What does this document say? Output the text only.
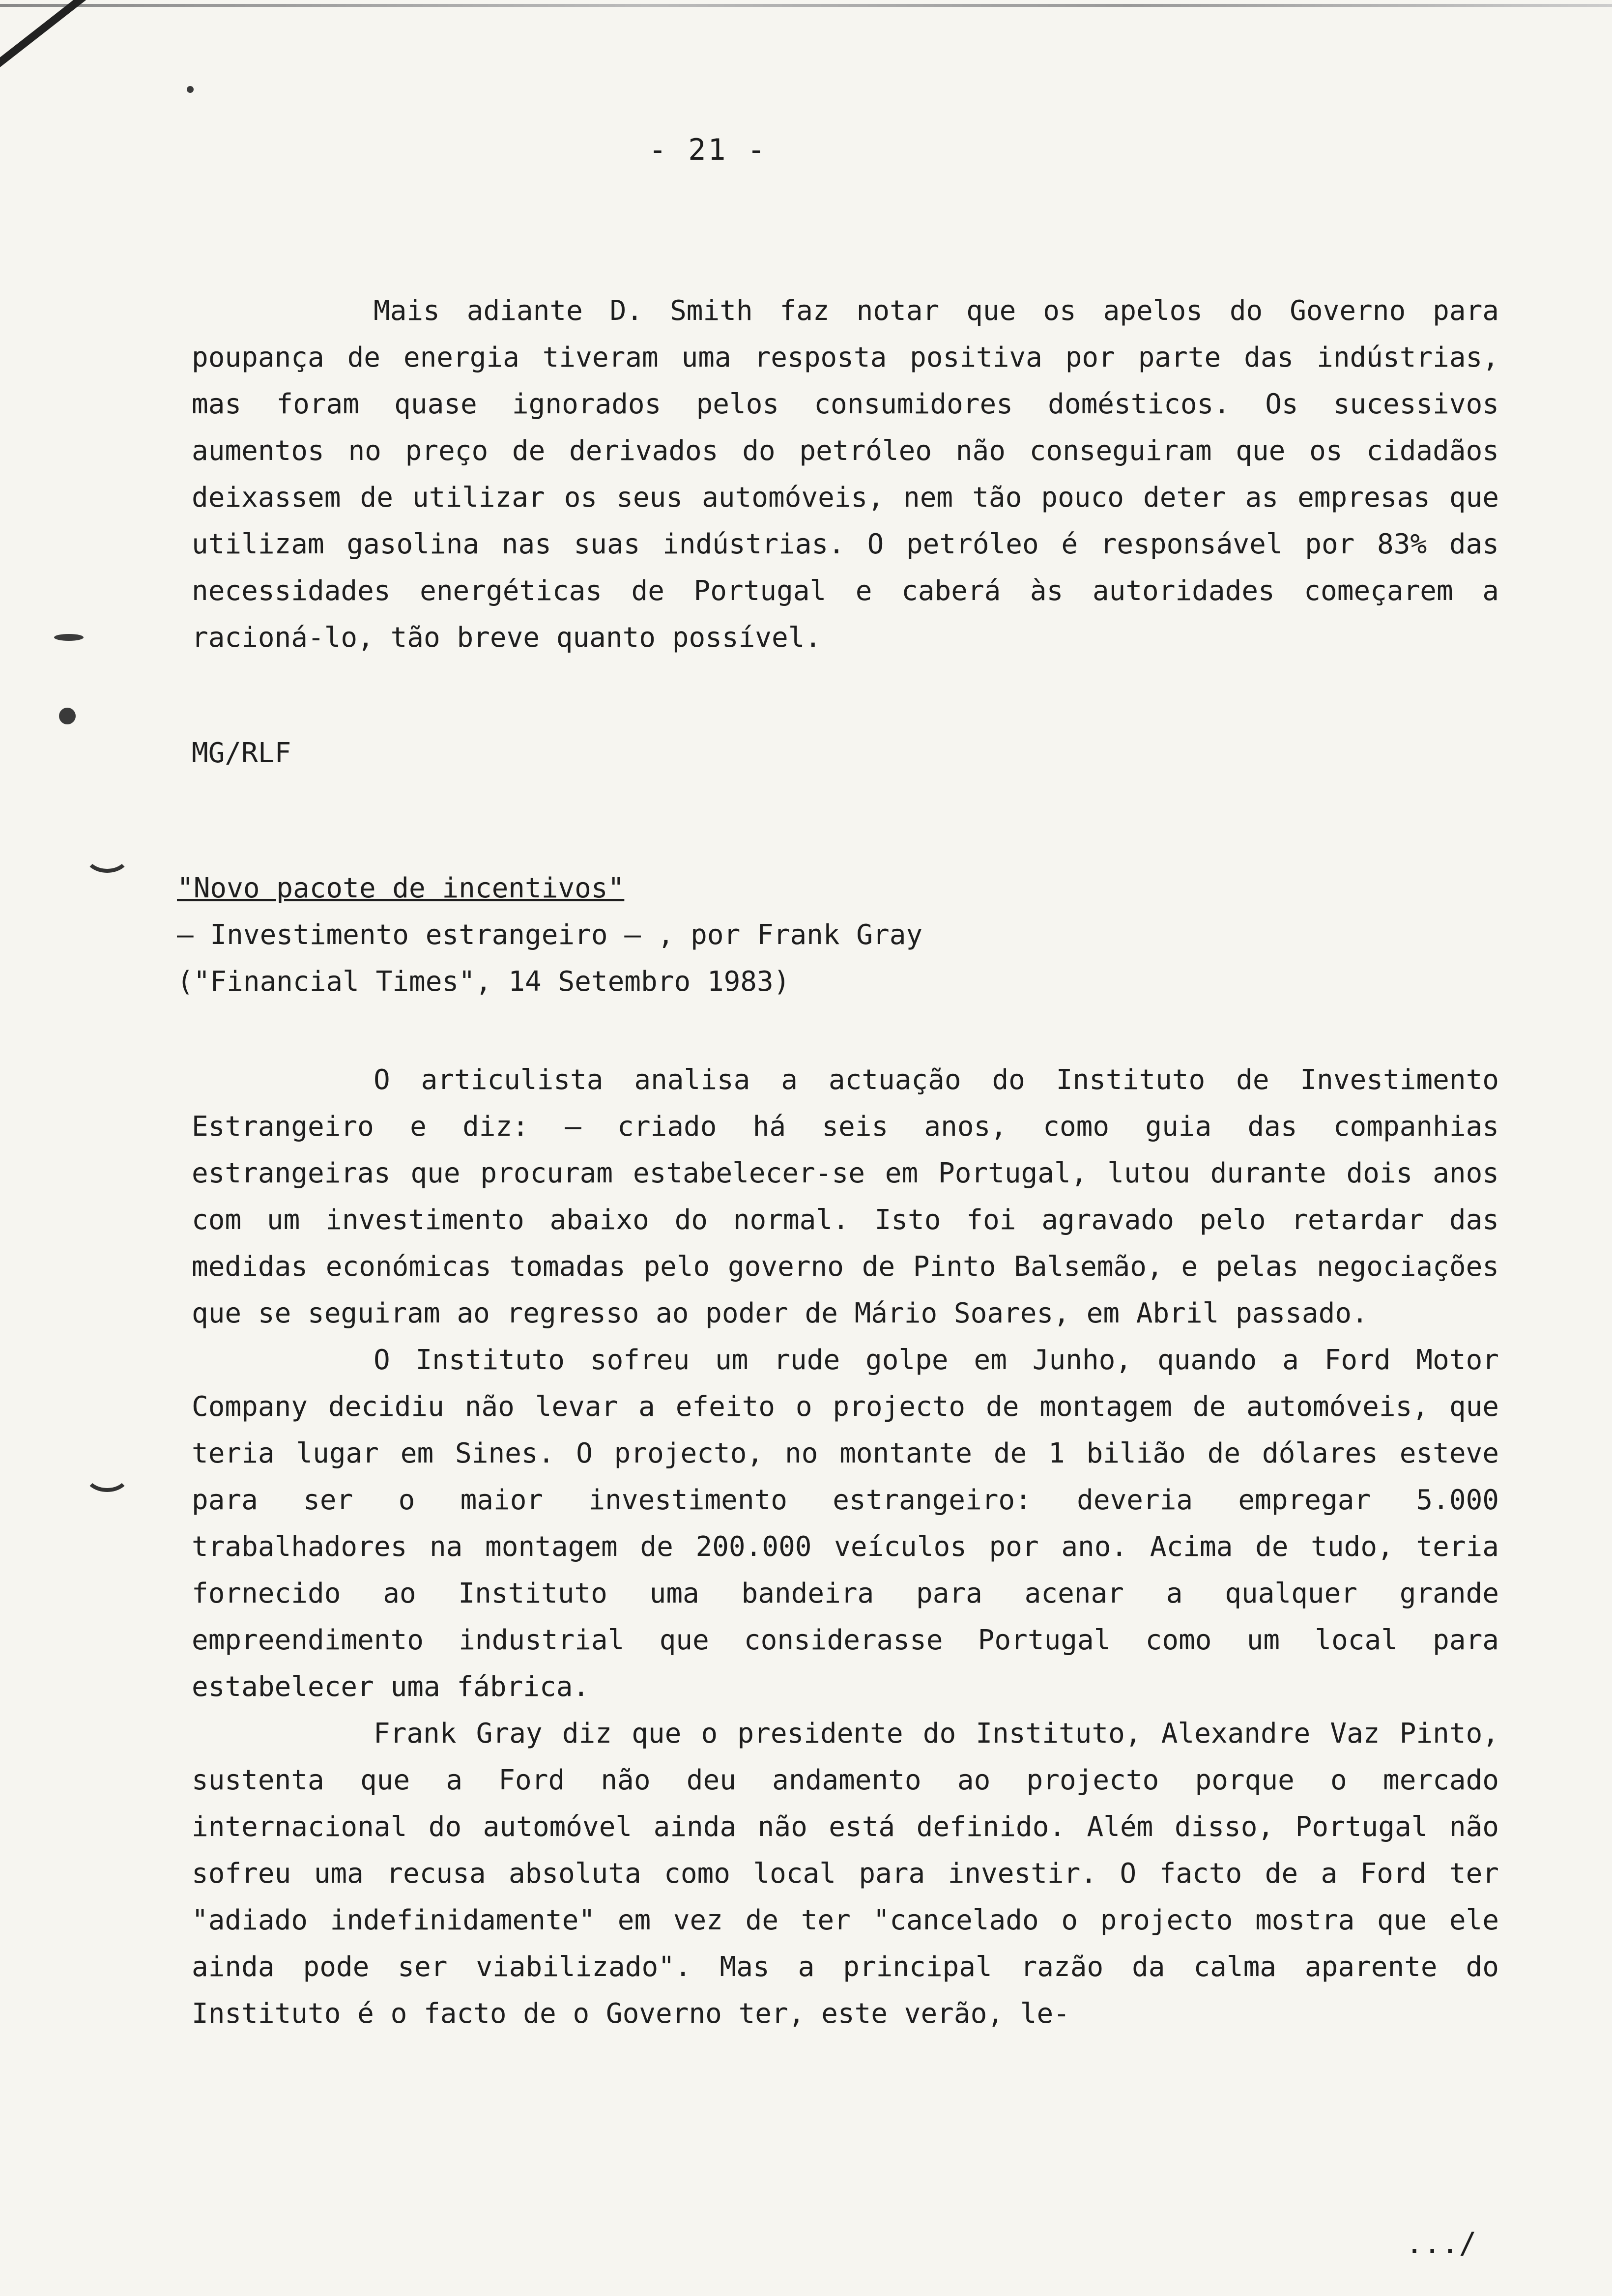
- 21 -

Mais adiante D. Smith faz notar que os apelos do Governo para poupança de energia tiveram uma resposta positiva por parte das indústrias, mas foram quase ignorados pelos consumidores domésticos. Os sucessivos aumentos no preço de derivados do petróleo não conseguiram que os cidadãos deixassem de utilizar os seus automóveis, nem tão pouco deter as empresas que utilizam gasolina nas suas indústrias. O petróleo é responsável por 83% das necessidades energéticas de Portugal e caberá às autoridades começarem a racioná-lo, tão breve quanto possível.

MG/RLF
"Novo pacote de incentivos"
— Investimento estrangeiro — , por Frank Gray
("Financial Times", 14 Setembro 1983)

O articulista analisa a actuação do Instituto de Investimento Estrangeiro e diz: — criado há seis anos, como guia das companhias estrangeiras que procuram estabelecer-se em Portugal, lutou durante dois anos com um investimento abaixo do normal. Isto foi agravado pelo retardar das medidas económicas tomadas pelo governo de Pinto Balsemão, e pelas negociações que se seguiram ao regresso ao poder de Mário Soares, em Abril passado.

O Instituto sofreu um rude golpe em Junho, quando a Ford Motor Company decidiu não levar a efeito o projecto de montagem de automóveis, que teria lugar em Sines. O projecto, no montante de 1 bilião de dólares esteve para ser o maior investimento estrangeiro: deveria empregar 5.000 trabalhadores na montagem de 200.000 veículos por ano. Acima de tudo, teria fornecido ao Instituto uma bandeira para acenar a qualquer grande empreendimento industrial que considerasse Portugal como um local para estabelecer uma fábrica.

Frank Gray diz que o presidente do Instituto, Alexandre Vaz Pinto, sustenta que a Ford não deu andamento ao projecto porque o mercado internacional do automóvel ainda não está definido. Além disso, Portugal não sofreu uma recusa absoluta como local para investir. O facto de a Ford ter "adiado indefinidamente" em vez de ter "cancelado o projecto mostra que ele ainda pode ser viabilizado". Mas a principal razão da calma aparente do Instituto é o facto de o Governo ter, este verão, le-

.../
